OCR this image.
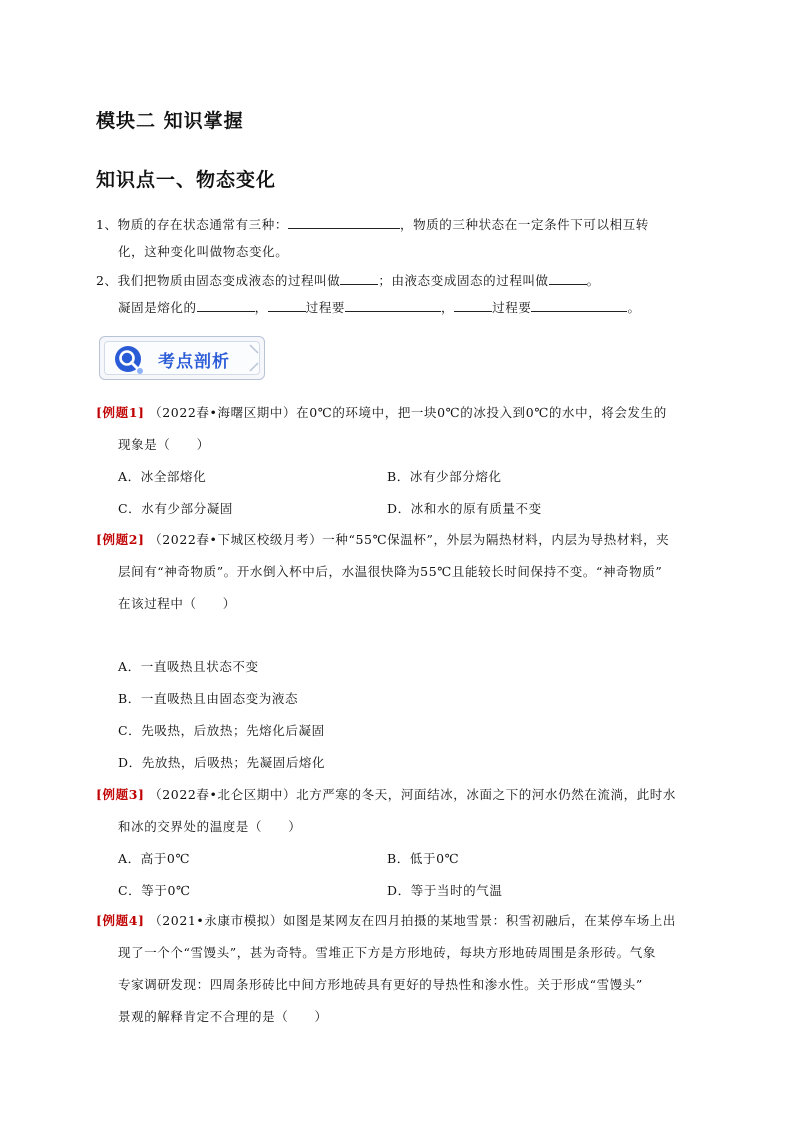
模块二 知识掌握
知识点一、物态变化
1、物质的存在状态通常有三种：	，物质的三种状态在一定条件下可以相互转
化，这种变化叫做物态变化。
2、我们把物质由固态变成液态的过程叫做	；由液态变成固态的过程叫做	。
凝固是熔化的	，	过程要	，	过程要	。
考点剖析
[例题1] （2022春•海曙区期中）在0℃的环境中，把一块0℃的冰投入到0℃的水中，将会发生的
现象是（　　）
A．冰全部熔化	B．冰有少部分熔化
C．水有少部分凝固	D．冰和水的原有质量不变
[例题2] （2022春•下城区校级月考）一种“55℃保温杯”，外层为隔热材料，内层为导热材料，夹
层间有“神奇物质”。开水倒入杯中后，水温很快降为55℃且能较长时间保持不变。“神奇物质”
在该过程中（　　）
A．一直吸热且状态不变
B．一直吸热且由固态变为液态
C．先吸热，后放热；先熔化后凝固
D．先放热，后吸热；先凝固后熔化
[例题3] （2022春•北仑区期中）北方严寒的冬天，河面结冰，冰面之下的河水仍然在流淌，此时水
和冰的交界处的温度是（　　）
A．高于0℃	B．低于0℃
C．等于0℃	D．等于当时的气温
[例题4] （2021•永康市模拟）如图是某网友在四月拍摄的某地雪景：积雪初融后，在某停车场上出
现了一个个“雪馒头”，甚为奇特。雪堆正下方是方形地砖，每块方形地砖周围是条形砖。气象
专家调研发现：四周条形砖比中间方形地砖具有更好的导热性和渗水性。关于形成“雪馒头”
景观的解释肯定不合理的是（　　）
